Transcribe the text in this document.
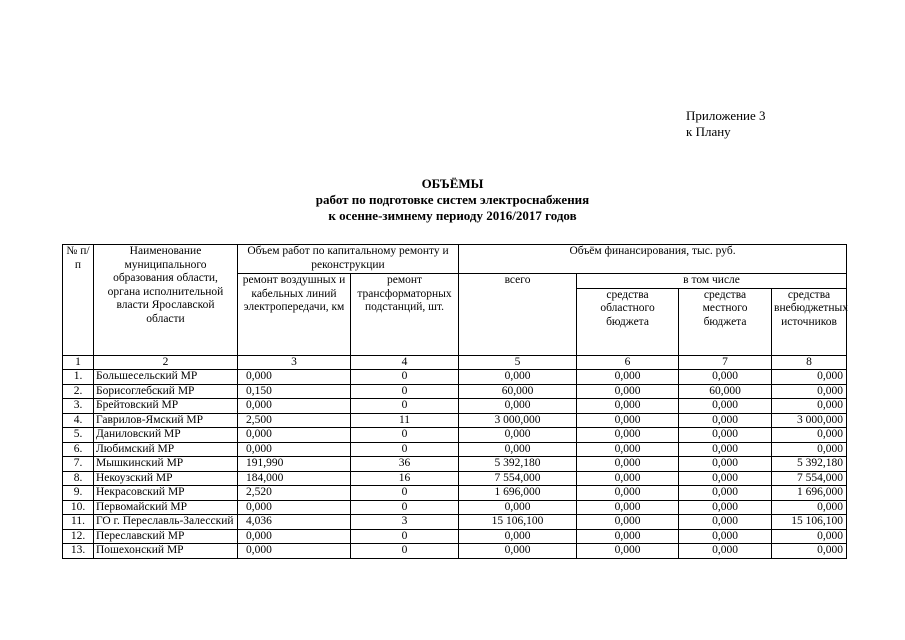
Приложение 3
к Плану
ОБЪЁМЫ
работ по подготовке систем электроснабжения
к осенне-зимнему периоду 2016/2017 годов
№ п/п	Наименование муниципального образования области, органа исполнительной власти Ярославской области	Объем работ по капитальному ремонту и реконструкции		Объём финансирования, тыс. руб.			
		ремонт воздушных и кабельных линий электропередачи, км	ремонт трансформаторных подстанций, шт.	всего	в том числе		
					средства областного бюджета	средства местного бюджета	средства внебюджетных источников
1	2	3	4	5	6	7	8
1.	Большесельский МР	0,000	0	0,000	0,000	0,000	0,000
2.	Борисоглебский МР	0,150	0	60,000	0,000	60,000	0,000
3.	Брейтовский МР	0,000	0	0,000	0,000	0,000	0,000
4.	Гаврилов-Ямский МР	2,500	11	3 000,000	0,000	0,000	3 000,000
5.	Даниловский МР	0,000	0	0,000	0,000	0,000	0,000
6.	Любимский МР	0,000	0	0,000	0,000	0,000	0,000
7.	Мышкинский МР	191,990	36	5 392,180	0,000	0,000	5 392,180
8.	Некоузский МР	184,000	16	7 554,000	0,000	0,000	7 554,000
9.	Некрасовский МР	2,520	0	1 696,000	0,000	0,000	1 696,000
10.	Первомайский МР	0,000	0	0,000	0,000	0,000	0,000
11.	ГО г. Переславль-Залесский	4,036	3	15 106,100	0,000	0,000	15 106,100
12.	Переславский МР	0,000	0	0,000	0,000	0,000	0,000
13.	Пошехонский МР	0,000	0	0,000	0,000	0,000	0,000
